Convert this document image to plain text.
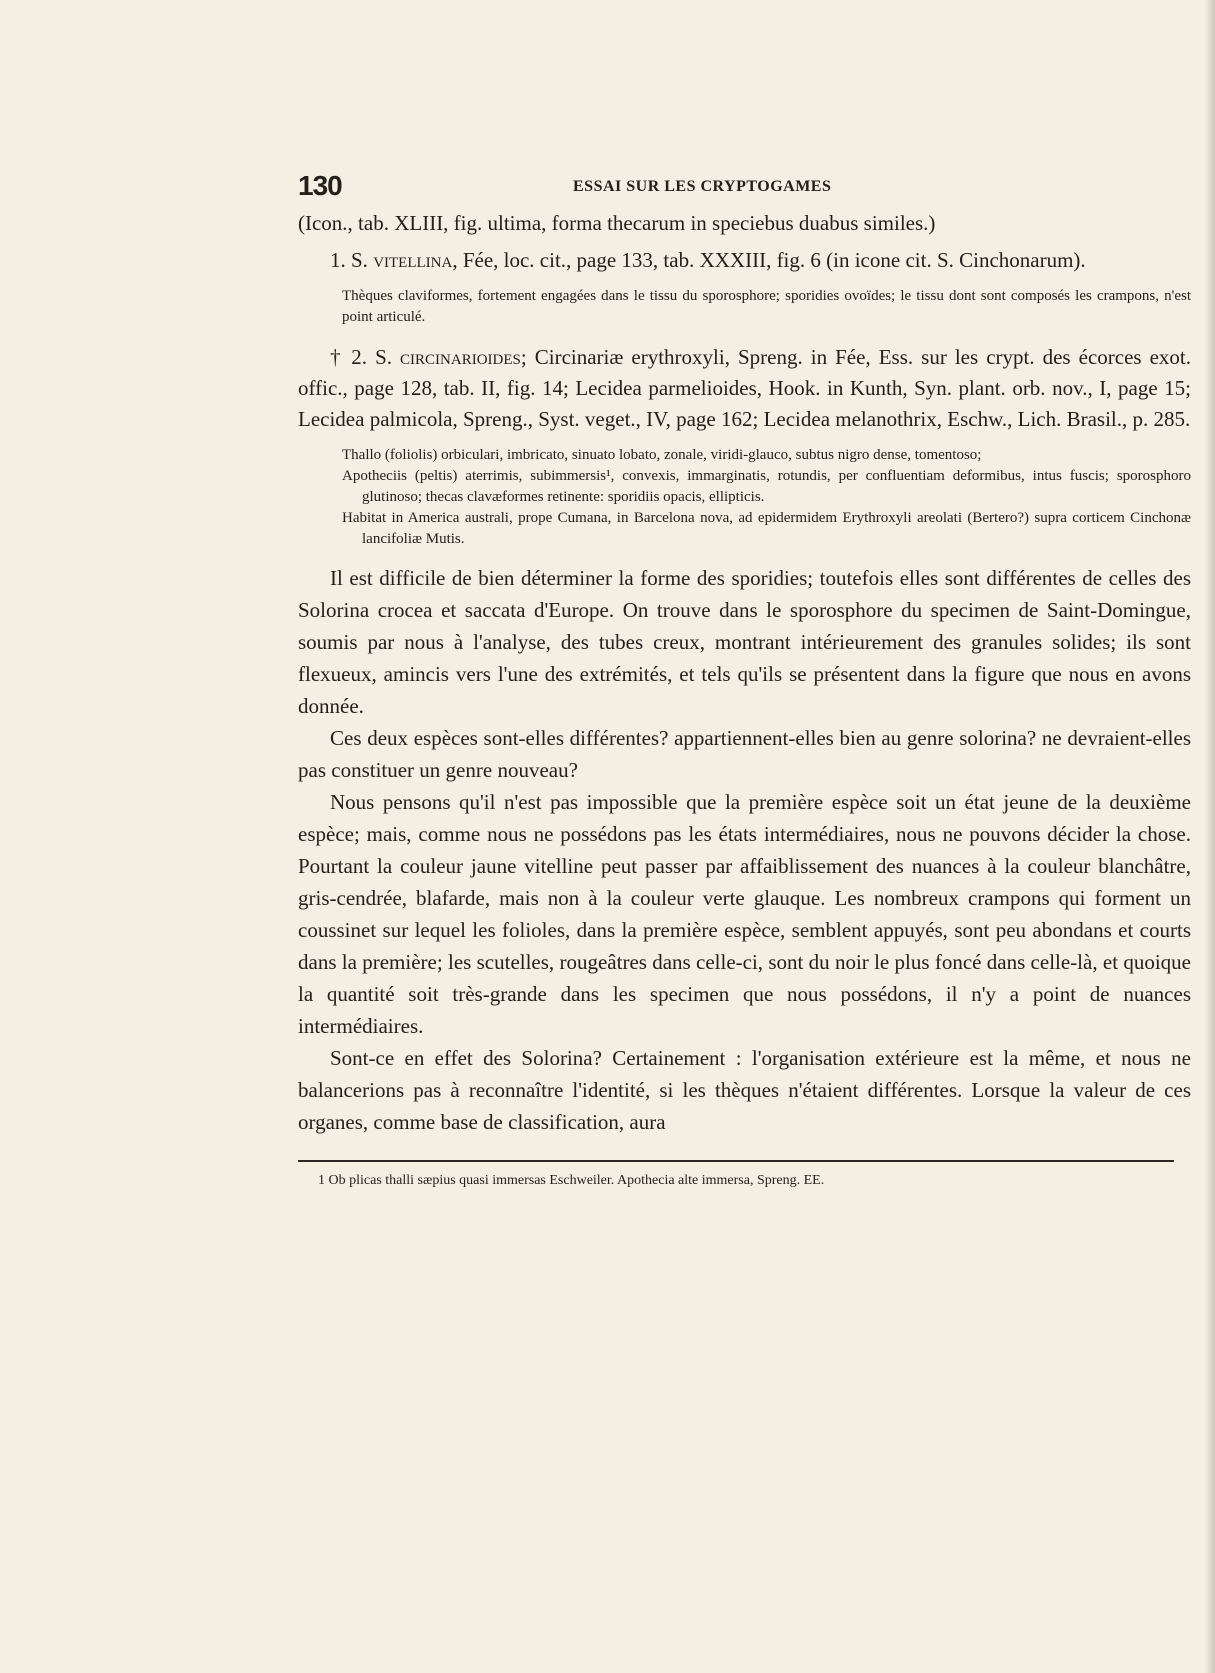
130	ESSAI SUR LES CRYPTOGAMES

(Icon., tab. XLIII, fig. ultima, forma thecarum in speciebus duabus similes.)

1. S. vitellina, Fée, loc. cit., page 133, tab. XXXIII, fig. 6 (in icone cit. S. Cinchonarum).

Thèques claviformes, fortement engagées dans le tissu du sporosphore; sporidies ovoïdes; le tissu dont sont composés les crampons, n'est point articulé.

† 2. S. circinarioides; Circinariæ erythroxyli, Spreng. in Fée, Ess. sur les crypt. des écorces exot. offic., page 128, tab. II, fig. 14; Lecidea parmelioides, Hook. in Kunth, Syn. plant. orb. nov., I, page 15; Lecidea palmicola, Spreng., Syst. veget., IV, page 162; Lecidea melanothrix, Eschw., Lich. Brasil., p. 285.

Thallo (foliolis) orbiculari, imbricato, sinuato lobato, zonale, viridi-glauco, subtus nigro dense, tomentoso;

Apotheciis (peltis) aterrimis, subimmersis¹, convexis, immarginatis, rotundis, per confluentiam deformibus, intus fuscis; sporosphoro glutinoso; thecas clavæformes retinente: sporidiis opacis, ellipticis.

Habitat in America australi, prope Cumana, in Barcelona nova, ad epidermidem Erythroxyli areolati (Bertero?) supra corticem Cinchonæ lancifoliæ Mutis.

Il est difficile de bien déterminer la forme des sporidies; toutefois elles sont différentes de celles des Solorina crocea et saccata d'Europe. On trouve dans le sporosphore du specimen de Saint-Domingue, soumis par nous à l'analyse, des tubes creux, montrant intérieurement des granules solides; ils sont flexueux, amincis vers l'une des extrémités, et tels qu'ils se présentent dans la figure que nous en avons donnée.

Ces deux espèces sont-elles différentes? appartiennent-elles bien au genre solorina? ne devraient-elles pas constituer un genre nouveau?

Nous pensons qu'il n'est pas impossible que la première espèce soit un état jeune de la deuxième espèce; mais, comme nous ne possédons pas les états intermédiaires, nous ne pouvons décider la chose. Pourtant la couleur jaune vitelline peut passer par affaiblissement des nuances à la couleur blanchâtre, gris-cendrée, blafarde, mais non à la couleur verte glauque. Les nombreux crampons qui forment un coussinet sur lequel les folioles, dans la première espèce, semblent appuyés, sont peu abondans et courts dans la première; les scutelles, rougeâtres dans celle-ci, sont du noir le plus foncé dans celle-là, et quoique la quantité soit très-grande dans les specimen que nous possédons, il n'y a point de nuances intermédiaires.

Sont-ce en effet des Solorina? Certainement : l'organisation extérieure est la même, et nous ne balancerions pas à reconnaître l'identité, si les thèques n'étaient différentes. Lorsque la valeur de ces organes, comme base de classification, aura

1 Ob plicas thalli sæpius quasi immersas Eschweiler. Apothecia alte immersa, Spreng. EE.
